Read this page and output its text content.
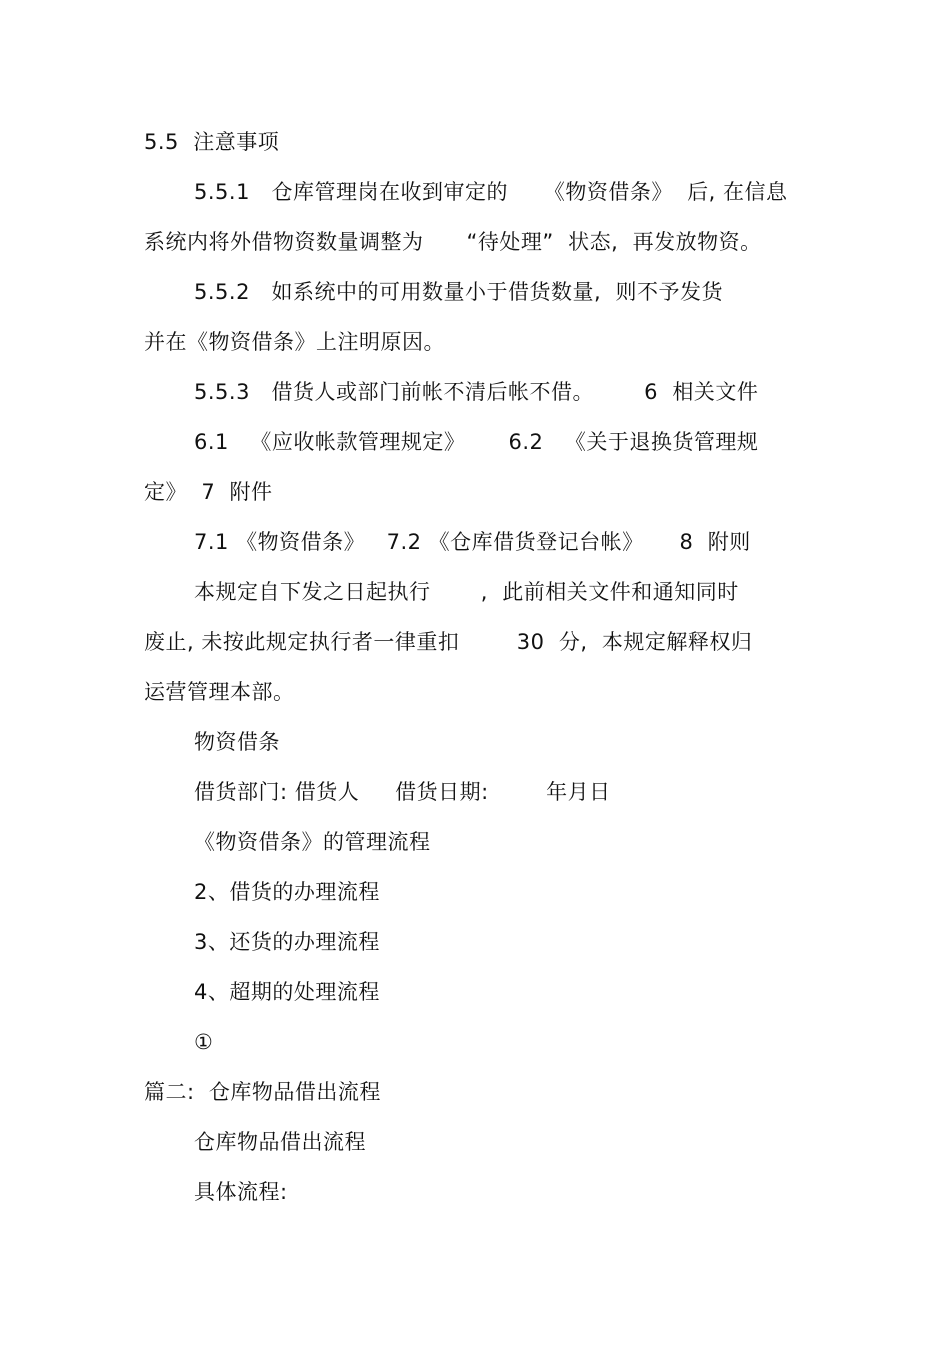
5.5  注意事项
5.5.1   仓库管理岗在收到审定的     《物资借条》  后, 在信息
系统内将外借物资数量调整为      “待处理”  状态,  再发放物资。
5.5.2   如系统中的可用数量小于借货数量,  则不予发货
并在《物资借条》上注明原因。
5.5.3   借货人或部门前帐不清后帐不借。       6  相关文件
6.1   《应收帐款管理规定》      6.2   《关于退换货管理规
定》  7  附件
7.1 《物资借条》   7.2 《仓库借货登记台帐》     8  附则
本规定自下发之日起执行       ,  此前相关文件和通知同时
废止, 未按此规定执行者一律重扣        30  分,  本规定解释权归
运营管理本部。
物资借条
借货部门: 借货人     借货日期:        年月日
《物资借条》的管理流程
2、借货的办理流程
3、还货的办理流程
4、超期的处理流程
①
篇二:  仓库物品借出流程
仓库物品借出流程
具体流程:
